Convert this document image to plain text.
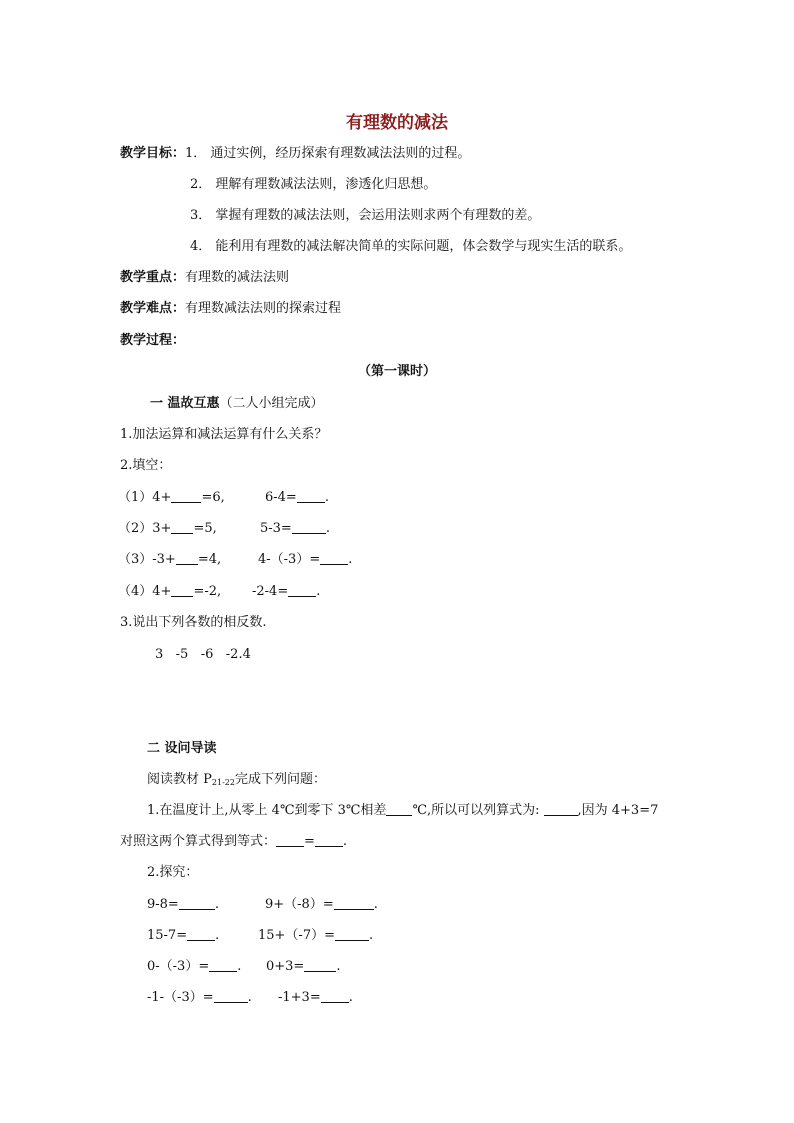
有理数的减法
教学目标：1． 通过实例，经历探索有理数减法法则的过程。
2． 理解有理数减法法则，渗透化归思想。
3． 掌握有理数的减法法则，会运用法则求两个有理数的差。
4． 能利用有理数的减法解决简单的实际问题，体会数学与现实生活的联系。
教学重点：有理数的减法法则
教学难点：有理数减法法则的探索过程
教学过程：
（第一课时）
一 温故互惠（二人小组完成）
1.加法运算和减法运算有什么关系？
2.填空：
（1）4+ =6,	6-4= .
（2）3+ =5,	5-3=	.
（3）-3+ =4,	4-（-3）= .
（4）4+ =-2, -2-4= .
3.说出下列各数的相反数.
3   -5   -6   -2.4
二 设问导读
阅读教材 $P_{21-22}$完成下列问题：
1.在温度计上,从零上 4℃到零下 3℃相差 ℃,所以可以列算式为:	,因为 4+3=7
对照这两个算式得到等式： = .
2.探究：
9-8=	.	9+（-8）=	.
15-7= .	15+（-7）=	.
0-（-3）= . 0+3= .
-1-（-3）=	. -1+3= .
